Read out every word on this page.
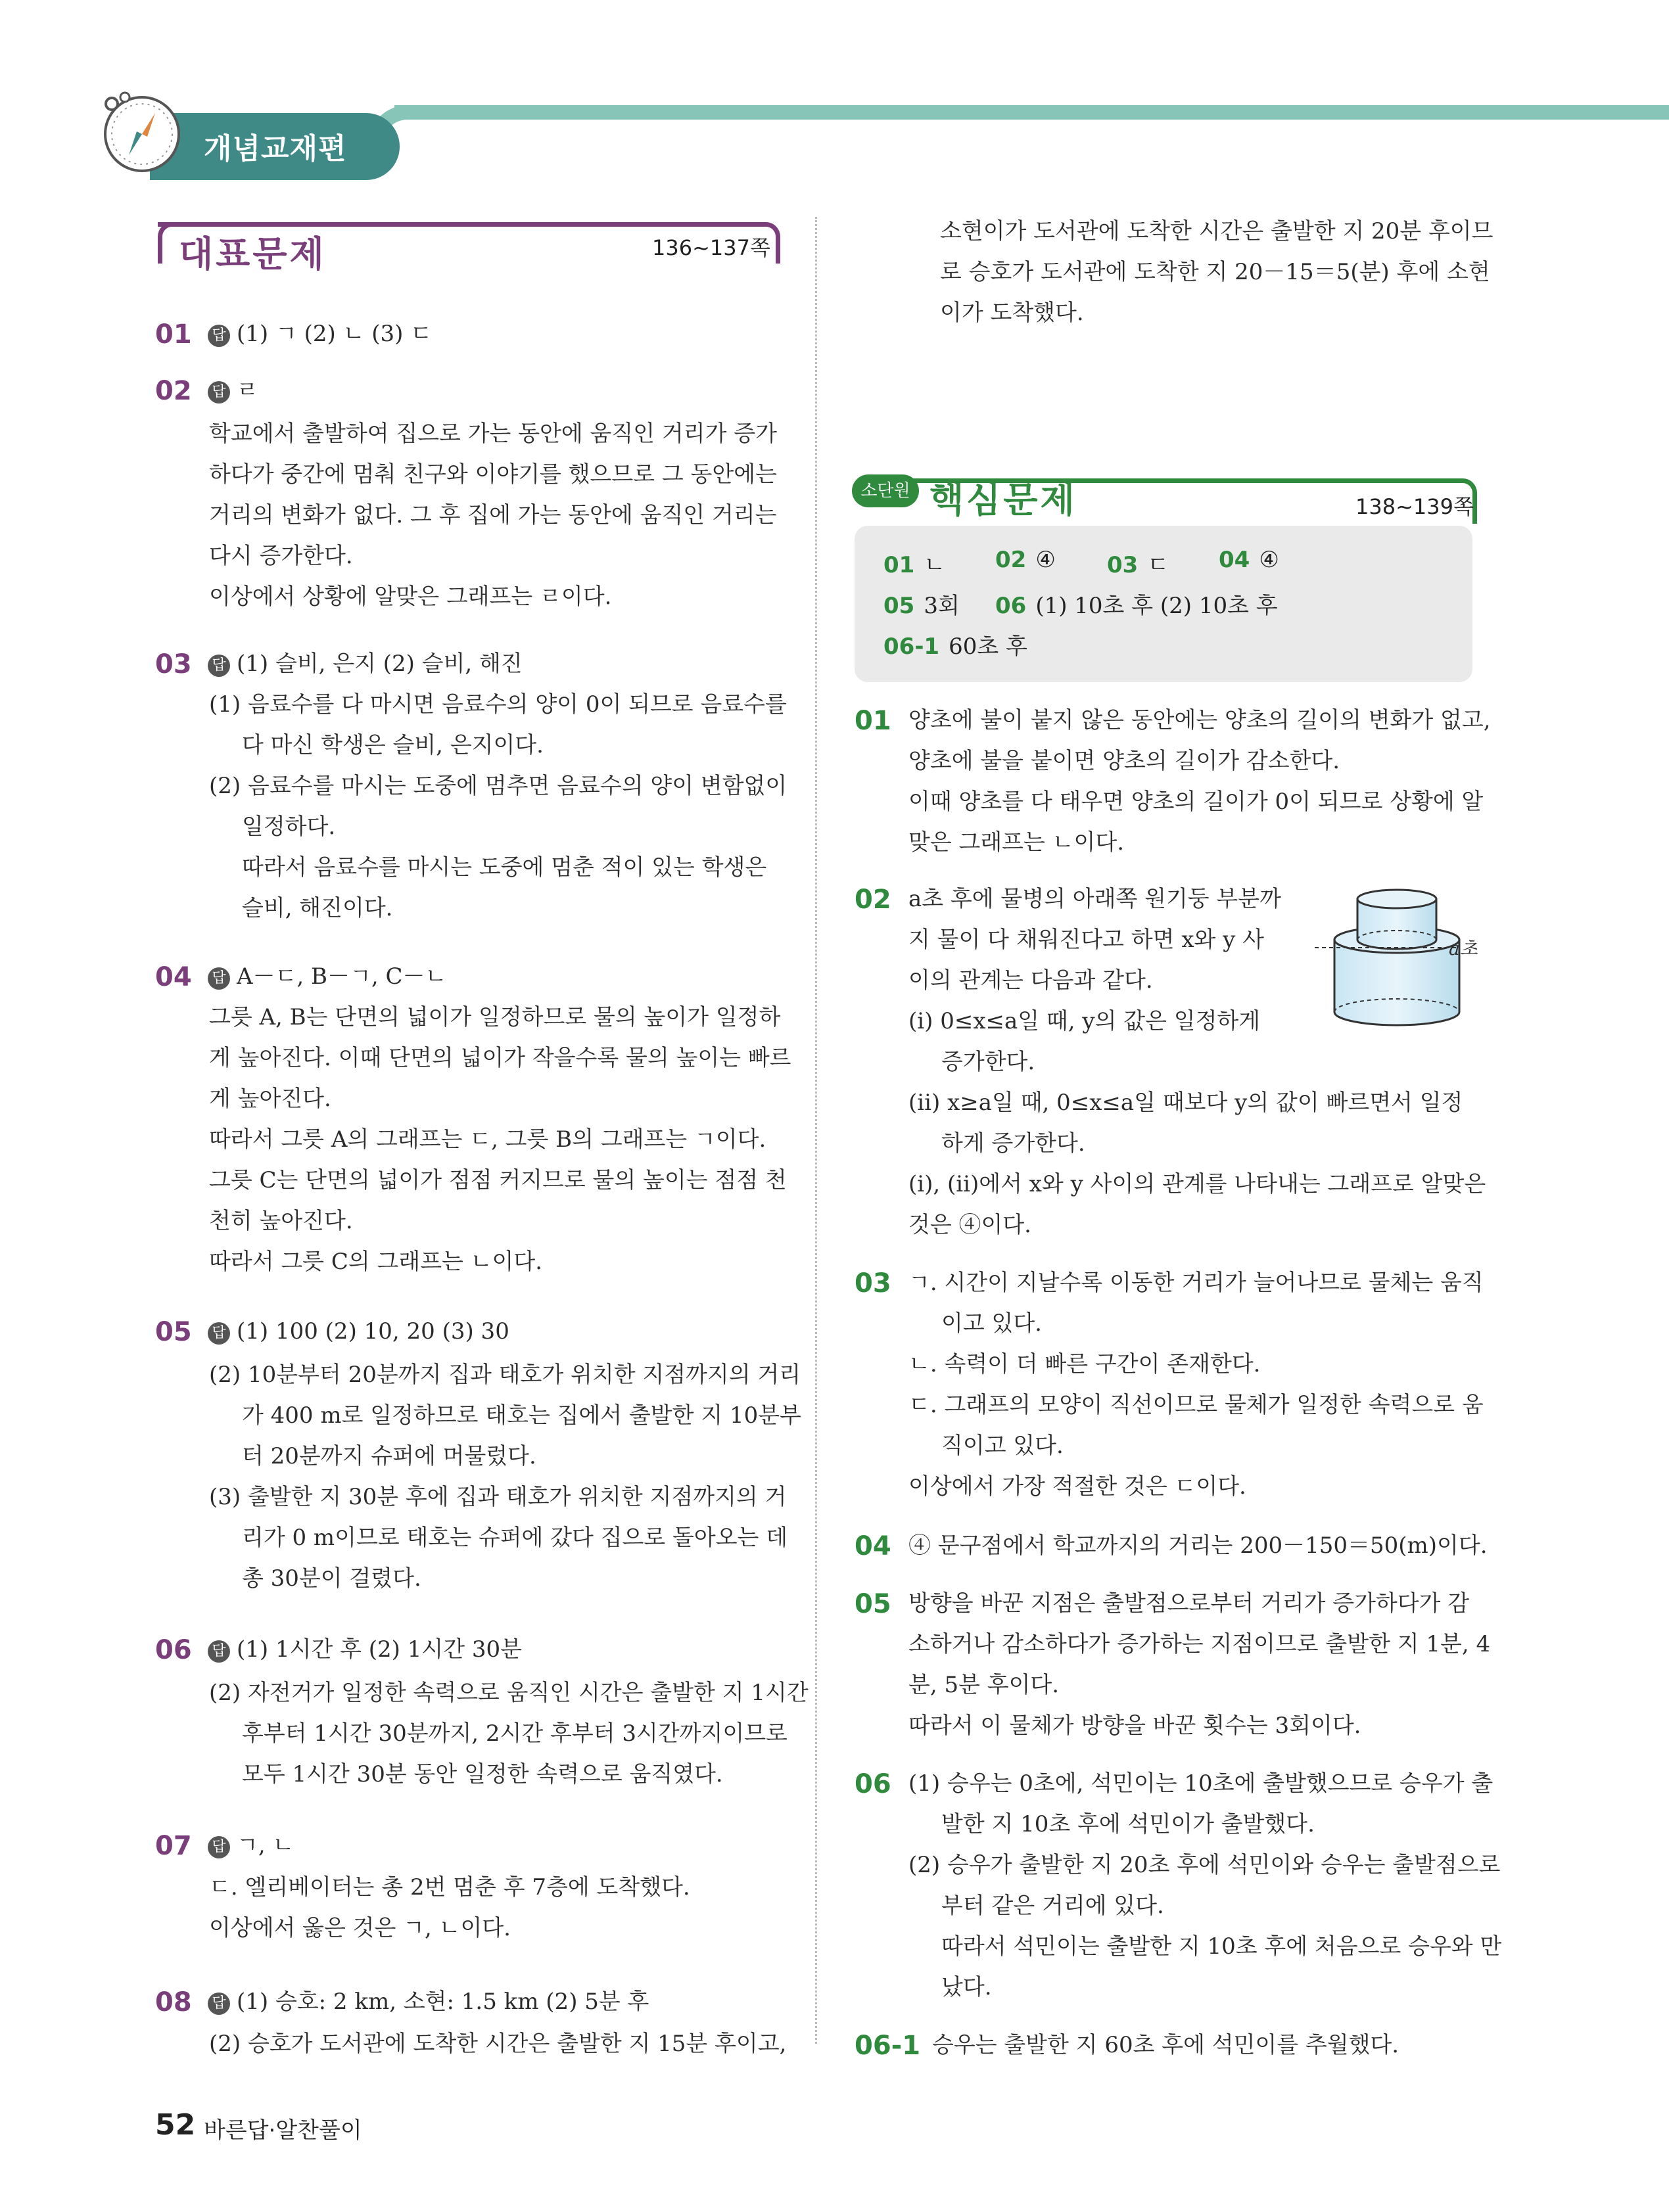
개념교재편
대표문제	136~137쪽
소단원 핵심문제	138~139쪽
01 ㄴ 02 ④ 03 ㄷ 04 ④
05 3회 06 (1) 10초 후 (2) 10초 후
06-1 60초 후
01 답 (1) ㄱ (2) ㄴ (3) ㄷ
02 답 ㄹ
학교에서 출발하여 집으로 가는 동안에 움직인 거리가 증가
하다가 중간에 멈춰 친구와 이야기를 했으므로 그 동안에는
거리의 변화가 없다. 그 후 집에 가는 동안에 움직인 거리는
다시 증가한다.
이상에서 상황에 알맞은 그래프는 ㄹ이다.
03 답 (1) 슬비, 은지 (2) 슬비, 해진
(1) 음료수를 다 마시면 음료수의 양이 0이 되므로 음료수를
다 마신 학생은 슬비, 은지이다.
(2) 음료수를 마시는 도중에 멈추면 음료수의 양이 변함없이
일정하다.
따라서 음료수를 마시는 도중에 멈춘 적이 있는 학생은
슬비, 해진이다.
04 답 A－ㄷ, B－ㄱ, C－ㄴ
그릇 A, B는 단면의 넓이가 일정하므로 물의 높이가 일정하
게 높아진다. 이때 단면의 넓이가 작을수록 물의 높이는 빠르
게 높아진다.
따라서 그릇 A의 그래프는 ㄷ, 그릇 B의 그래프는 ㄱ이다.
그릇 C는 단면의 넓이가 점점 커지므로 물의 높이는 점점 천
천히 높아진다.
따라서 그릇 C의 그래프는 ㄴ이다.
05 답 (1) 100 (2) 10, 20 (3) 30
(2) 10분부터 20분까지 집과 태호가 위치한 지점까지의 거리
가 400 m로 일정하므로 태호는 집에서 출발한 지 10분부
터 20분까지 슈퍼에 머물렀다.
(3) 출발한 지 30분 후에 집과 태호가 위치한 지점까지의 거
리가 0 m이므로 태호는 슈퍼에 갔다 집으로 돌아오는 데
총 30분이 걸렸다.
06 답 (1) 1시간 후 (2) 1시간 30분
(2) 자전거가 일정한 속력으로 움직인 시간은 출발한 지 1시간
후부터 1시간 30분까지, 2시간 후부터 3시간까지이므로
모두 1시간 30분 동안 일정한 속력으로 움직였다.
07 답 ㄱ, ㄴ
ㄷ. 엘리베이터는 총 2번 멈춘 후 7층에 도착했다.
이상에서 옳은 것은 ㄱ, ㄴ이다.
08 답 (1) 승호: 2 km, 소현: 1.5 km (2) 5분 후
(2) 승호가 도서관에 도착한 시간은 출발한 지 15분 후이고,
소현이가 도서관에 도착한 시간은 출발한 지 20분 후이므
로 승호가 도서관에 도착한 지 20－15＝5(분) 후에 소현
이가 도착했다.
01 양초에 불이 붙지 않은 동안에는 양초의 길이의 변화가 없고,
양초에 불을 붙이면 양초의 길이가 감소한다.
이때 양초를 다 태우면 양초의 길이가 0이 되므로 상황에 알
맞은 그래프는 ㄴ이다.
02 a초 후에 물병의 아래쪽 원기둥 부분까
지 물이 다 채워진다고 하면 x와 y 사
이의 관계는 다음과 같다.
(ⅰ) 0≤x≤a일 때, y의 값은 일정하게
증가한다.
(ⅱ) x≥a일 때, 0≤x≤a일 때보다 y의 값이 빠르면서 일정
하게 증가한다.
(ⅰ), (ⅱ)에서 x와 y 사이의 관계를 나타내는 그래프로 알맞은
것은 ④이다.
a초
03 ㄱ. 시간이 지날수록 이동한 거리가 늘어나므로 물체는 움직
이고 있다.
ㄴ. 속력이 더 빠른 구간이 존재한다.
ㄷ. 그래프의 모양이 직선이므로 물체가 일정한 속력으로 움
직이고 있다.
이상에서 가장 적절한 것은 ㄷ이다.
04 ④ 문구점에서 학교까지의 거리는 200－150＝50(m)이다.
05 방향을 바꾼 지점은 출발점으로부터 거리가 증가하다가 감
소하거나 감소하다가 증가하는 지점이므로 출발한 지 1분, 4
분, 5분 후이다.
따라서 이 물체가 방향을 바꾼 횟수는 3회이다.
06 (1) 승우는 0초에, 석민이는 10초에 출발했으므로 승우가 출
발한 지 10초 후에 석민이가 출발했다.
(2) 승우가 출발한 지 20초 후에 석민이와 승우는 출발점으로
부터 같은 거리에 있다.
따라서 석민이는 출발한 지 10초 후에 처음으로 승우와 만
났다.
06-1 승우는 출발한 지 60초 후에 석민이를 추월했다.
52 바른답·알찬풀이
